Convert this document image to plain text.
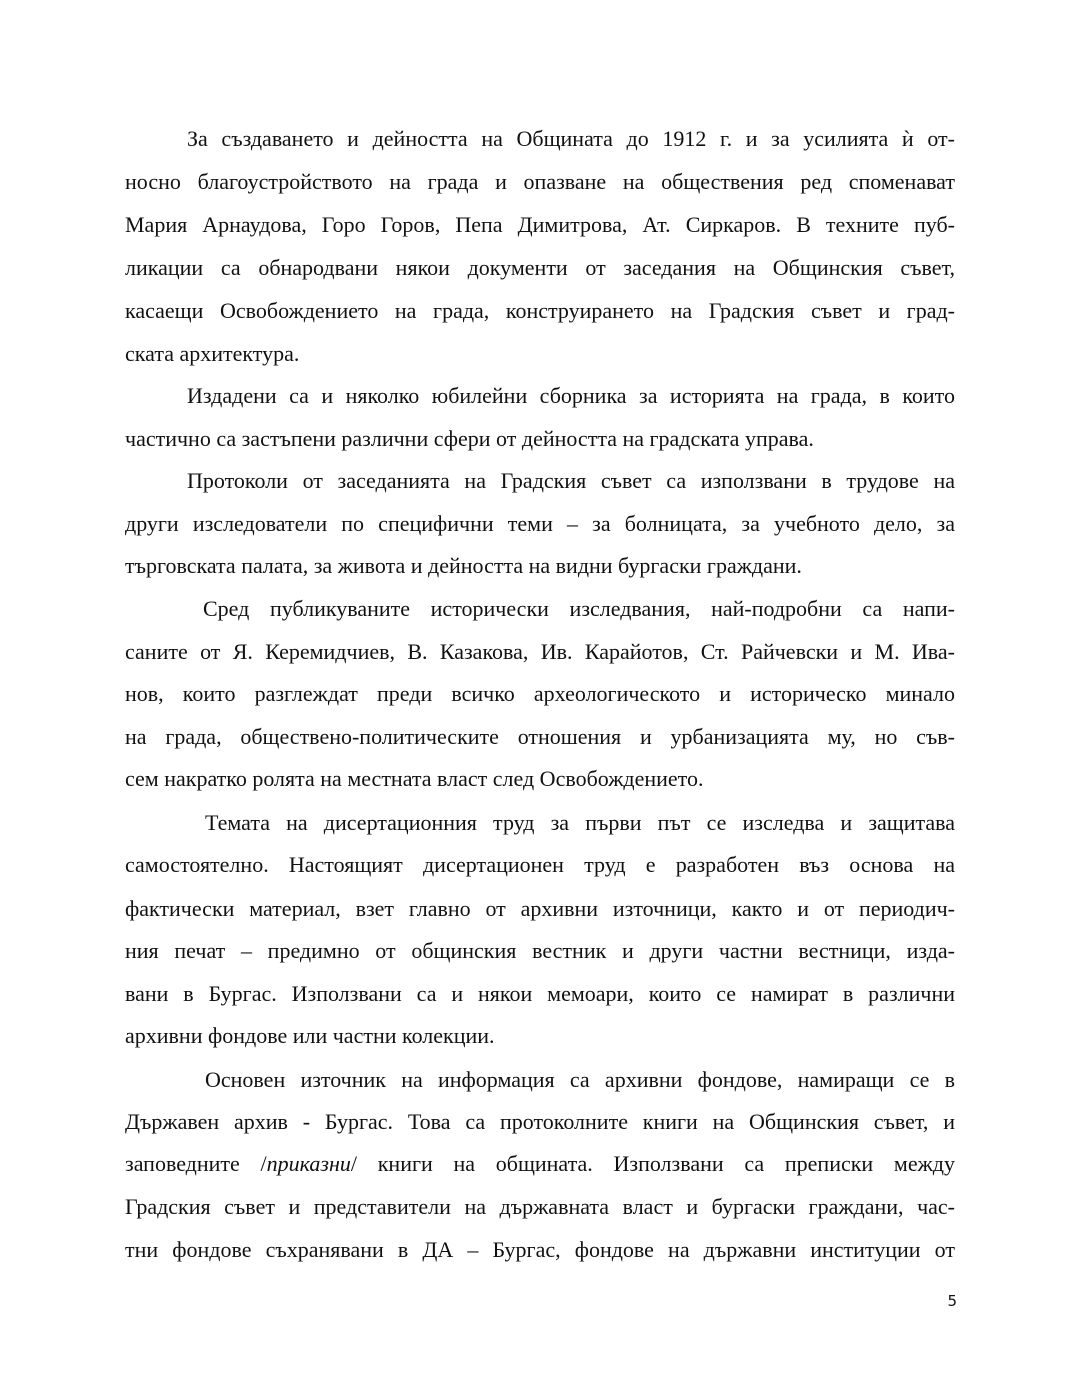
За създаването и дейността на Общината до 1912 г. и за усилията ѝ от-
носно благоустройството на града и опазване на обществения ред споменават
Мария Арнаудова, Горо Горов, Пепа Димитрова, Ат. Сиркаров. В техните пуб-
ликации са обнародвани някои документи от заседания на Общинския съвет,
касаещи Освобождението на града, конструирането на Градския съвет и град-
ската архитектура.
Издадени са и няколко юбилейни сборника за историята на града, в които
частично са застъпени различни сфери от дейността на градската управа.
Протоколи от заседанията на Градския съвет са използвани в трудове на
други изследователи по специфични теми – за болницата, за учебното дело, за
търговската палата, за живота и дейността на видни бургаски граждани.
Сред публикуваните исторически изследвания, най-подробни са напи-
саните от Я. Керемидчиев, В. Казакова, Ив. Карайотов, Ст. Райчевски и М. Ива-
нов, които разглеждат преди всичко археологическото и историческо минало
на града, обществено-политическите отношения и урбанизацията му, но съв-
сем накратко ролята на местната власт след Освобождението.
Темата на дисертационния труд за първи път се изследва и защитава
самостоятелно. Настоящият дисертационен труд е разработен въз основа на
фактически материал, взет главно от архивни източници, както и от периодич-
ния печат – предимно от общинския вестник и други частни вестници, изда-
вани в Бургас. Използвани са и някои мемоари, които се намират в различни
архивни фондове или частни колекции.
Основен източник на информация са архивни фондове, намиращи се в
Държавен архив - Бургас. Това са протоколните книги на Общинския съвет, и
заповедните /приказни/ книги на общината. Използвани са преписки между
Градския съвет и представители на държавната власт и бургаски граждани, час-
тни фондове съхранявани в ДА – Бургас, фондове на държавни институции от
5
